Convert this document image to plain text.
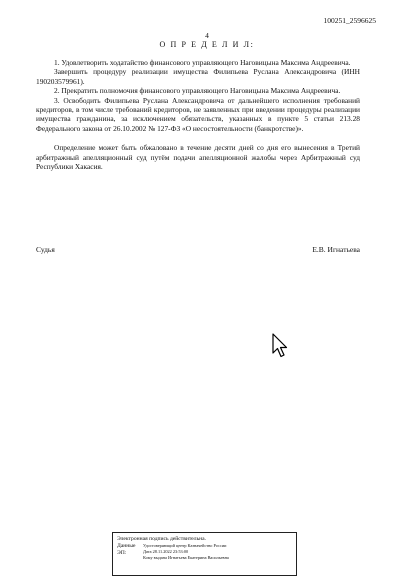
100251_2596625
4
О П Р Е Д Е Л И Л:

1. Удовлетворить ходатайство финансового управляющего Наговицына Максима Андреевича.

Завершить процедуру реализации имущества Филипьева Руслана Александровича (ИНН 190203579961).

2. Прекратить полномочия финансового управляющего Наговицына Максима Андреевича.

3. Освободить Филипьева Руслана Александровича от дальнейшего исполнения требований кредиторов, в том числе требований кредиторов, не заявленных при введении процедуры реализации имущества гражданина, за исключением обязательств, указанных в пункте 5 статьи 213.28 Федерального закона от 26.10.2002 № 127-ФЗ «О несостоятельности (банкротстве)».

Определение может быть обжаловано в течение десяти дней со дня его вынесения в Третий арбитражный апелляционный суд путём подачи апелляционной жалобы через Арбитражный суд Республики Хакасия.

Судья	Е.В. Игнатьева
Электронная подпись действительна.
Данные ЭП:
Удостоверяющий центр Казначейство России
Дата 28.11.2022 23:53:00
Кому выдана Игнатьева Екатерина Васильевна
